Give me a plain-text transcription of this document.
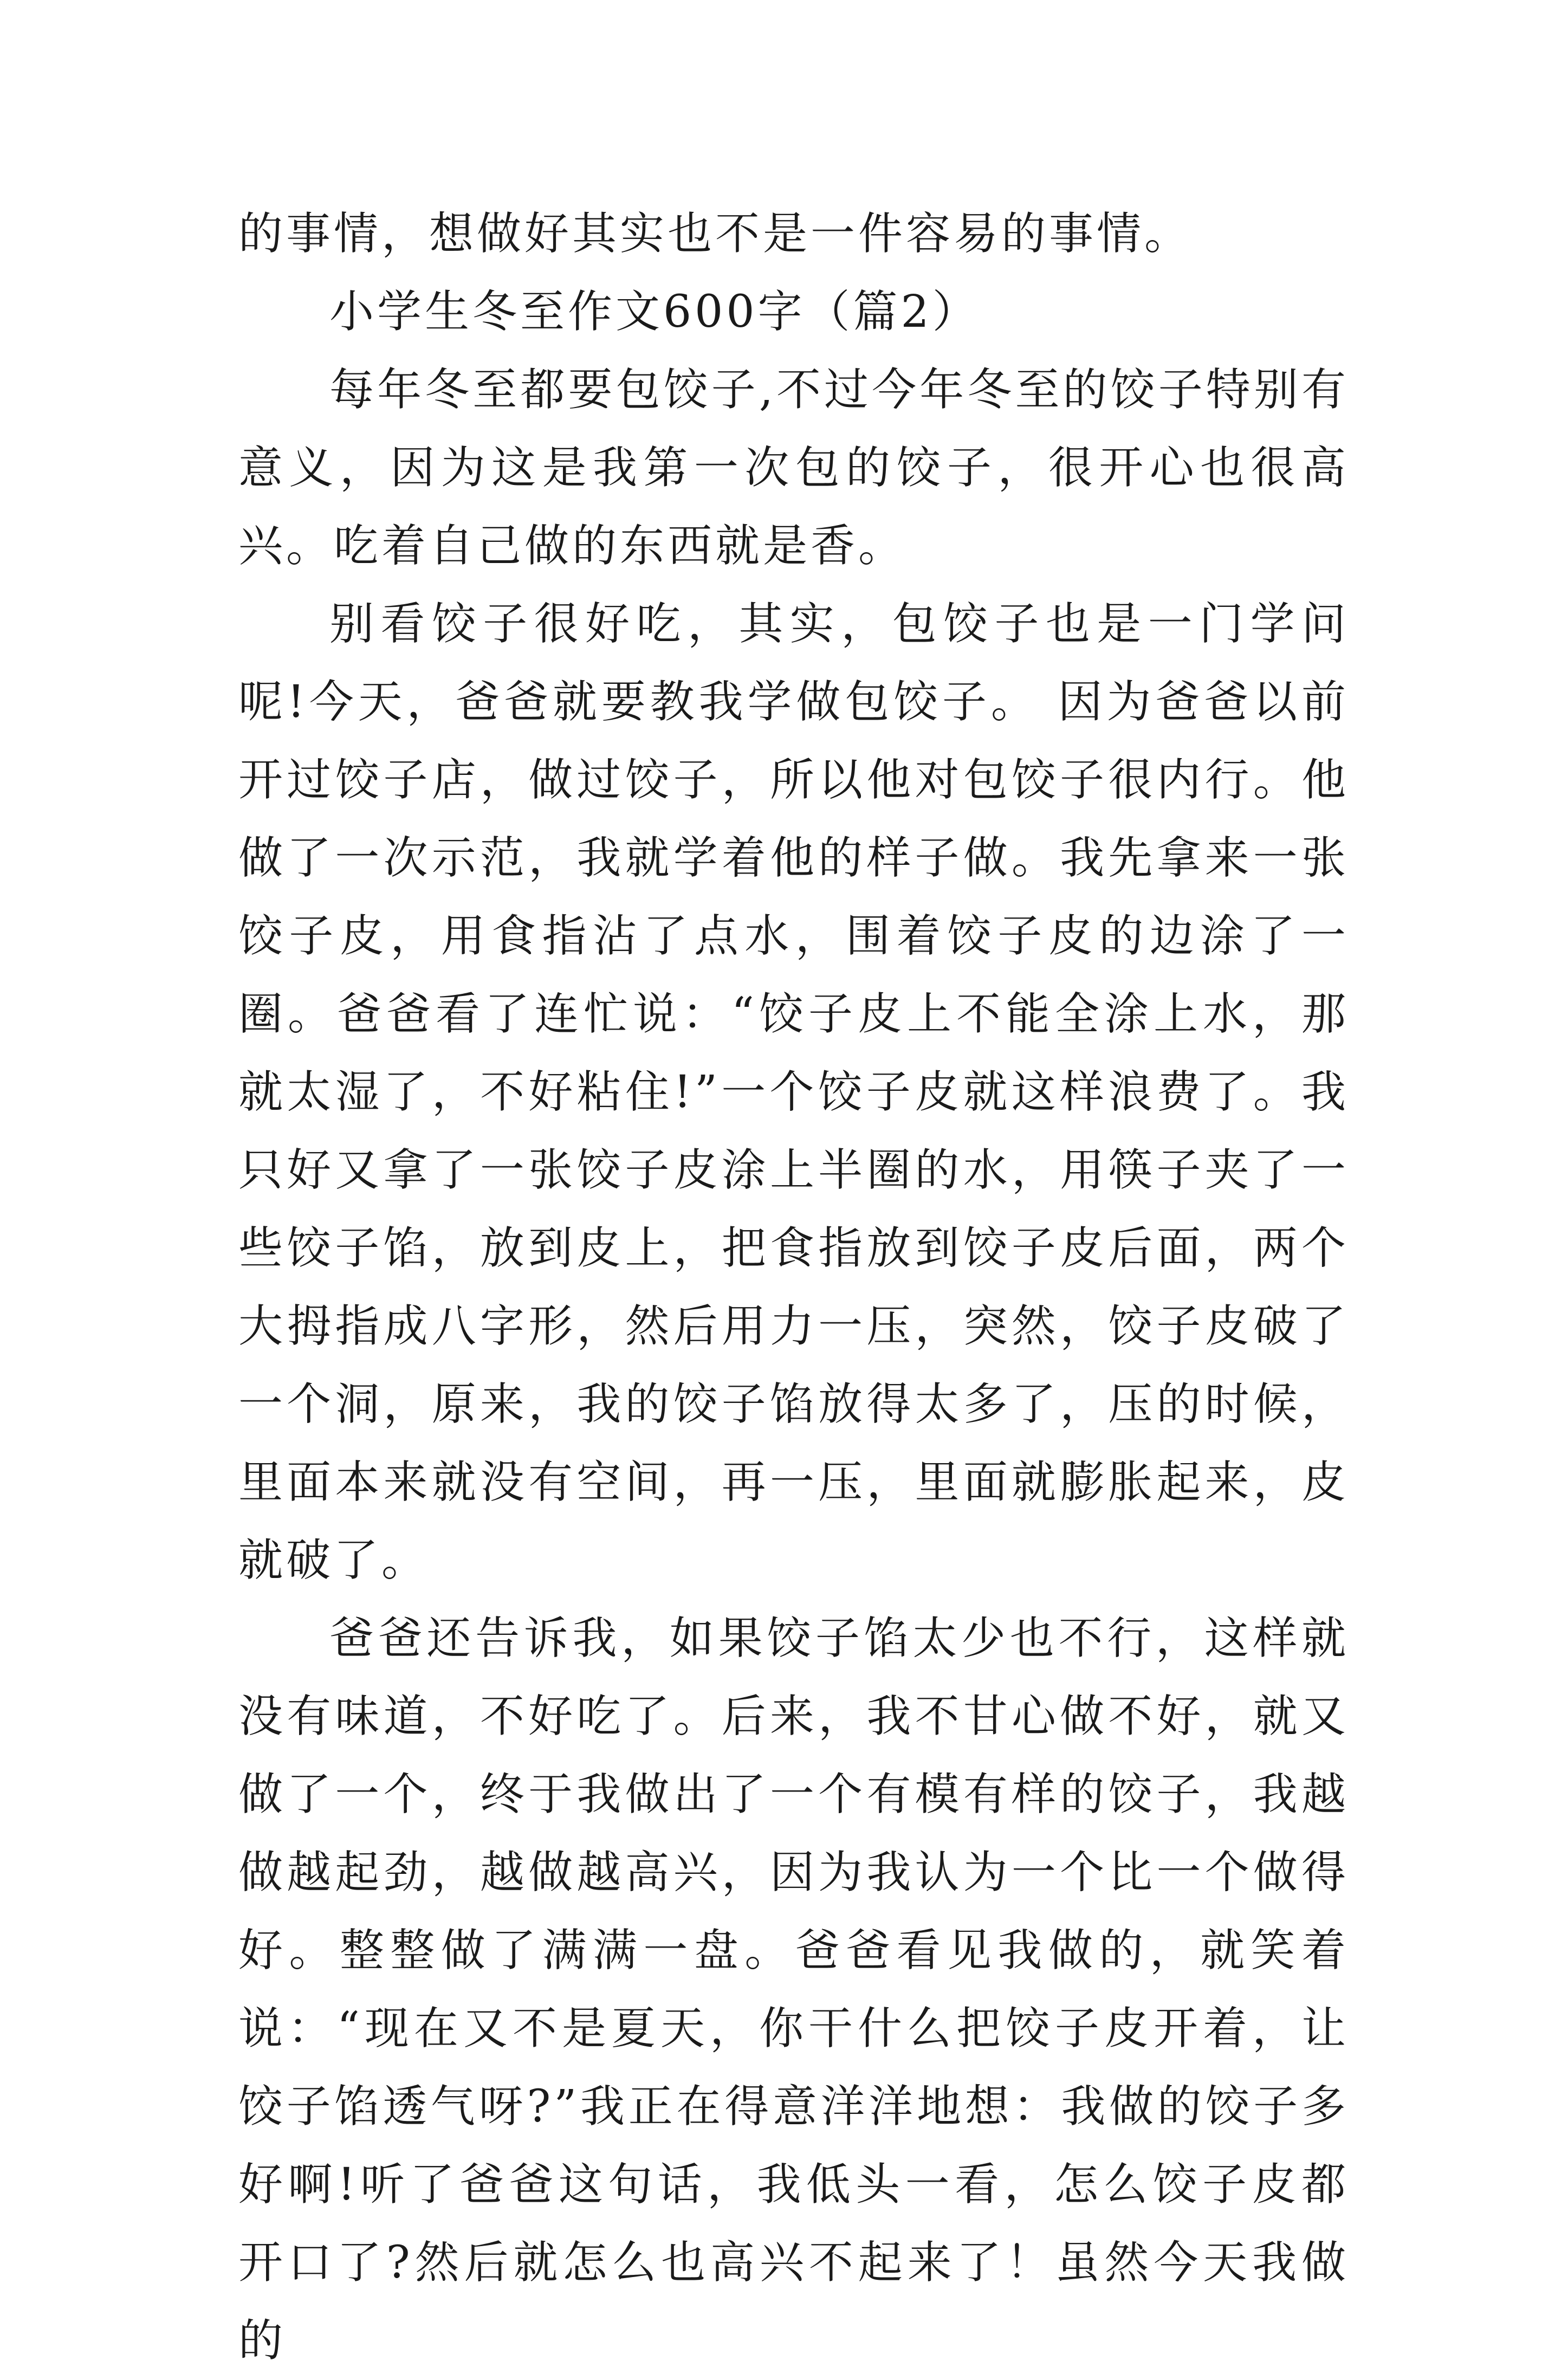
的事情，想做好其实也不是一件容易的事情。

小学生冬至作文600字（篇2）

每年冬至都要包饺子,不过今年冬至的饺子特别有意义，因为这是我第一次包的饺子，很开心也很高兴。吃着自己做的东西就是香。

别看饺子很好吃，其实，包饺子也是一门学问呢!今天，爸爸就要教我学做包饺子。 因为爸爸以前开过饺子店，做过饺子，所以他对包饺子很内行。他做了一次示范，我就学着他的样子做。我先拿来一张饺子皮，用食指沾了点水，围着饺子皮的边涂了一圈。爸爸看了连忙说：“饺子皮上不能全涂上水，那就太湿了，不好粘住!”一个饺子皮就这样浪费了。我只好又拿了一张饺子皮涂上半圈的水，用筷子夹了一些饺子馅，放到皮上，把食指放到饺子皮后面，两个大拇指成八字形，然后用力一压，突然，饺子皮破了一个洞，原来，我的饺子馅放得太多了，压的时候，里面本来就没有空间，再一压，里面就膨胀起来，皮就破了。

爸爸还告诉我，如果饺子馅太少也不行，这样就没有味道，不好吃了。后来，我不甘心做不好，就又做了一个，终于我做出了一个有模有样的饺子，我越做越起劲，越做越高兴，因为我认为一个比一个做得好。整整做了满满一盘。爸爸看见我做的，就笑着说：“现在又不是夏天，你干什么把饺子皮开着，让饺子馅透气呀?”我正在得意洋洋地想：我做的饺子多好啊!听了爸爸这句话，我低头一看，怎么饺子皮都开口了?然后就怎么也高兴不起来了！虽然今天我做的
